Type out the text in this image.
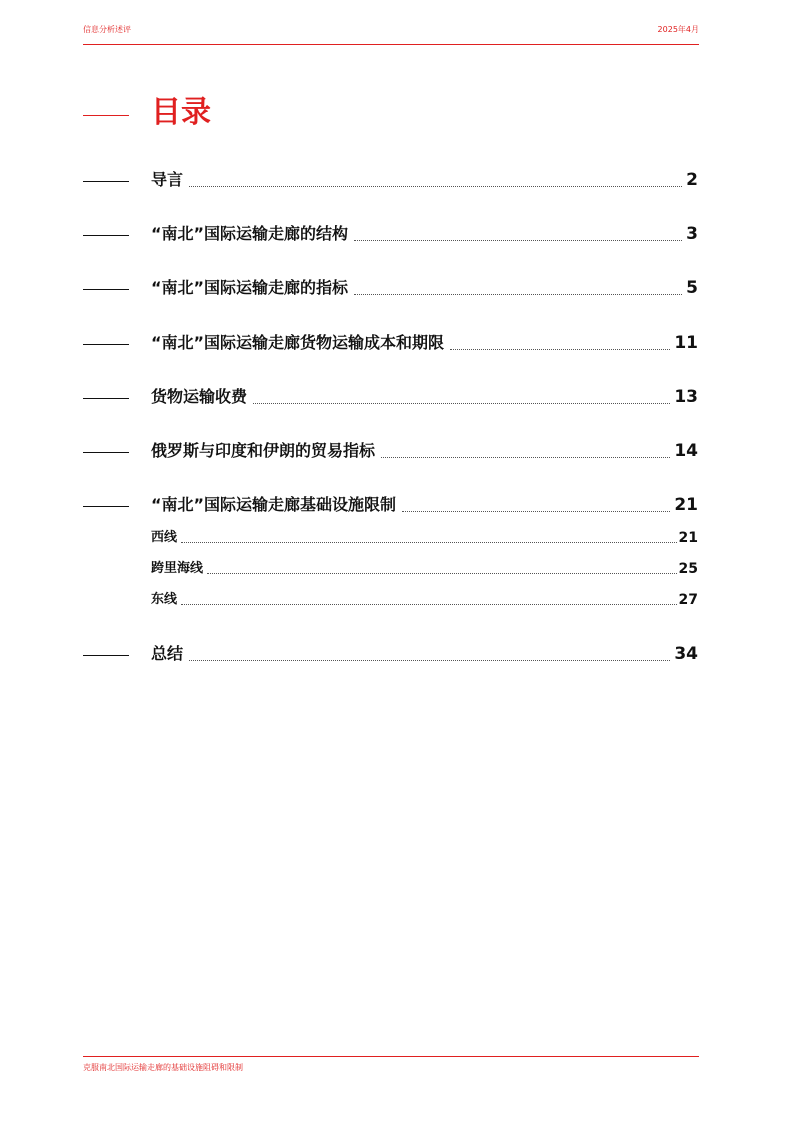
信息分析述评	2025年4月
目录
导言	2
“南北”国际运输走廊的结构	3
“南北”国际运输走廊的指标	5
“南北”国际运输走廊货物运输成本和期限	11
货物运输收费	13
俄罗斯与印度和伊朗的贸易指标	14
“南北”国际运输走廊基础设施限制	21
西线	21
跨里海线	25
东线	27
总结	34
克服南北国际运输走廊的基础设施阻碍和限制
